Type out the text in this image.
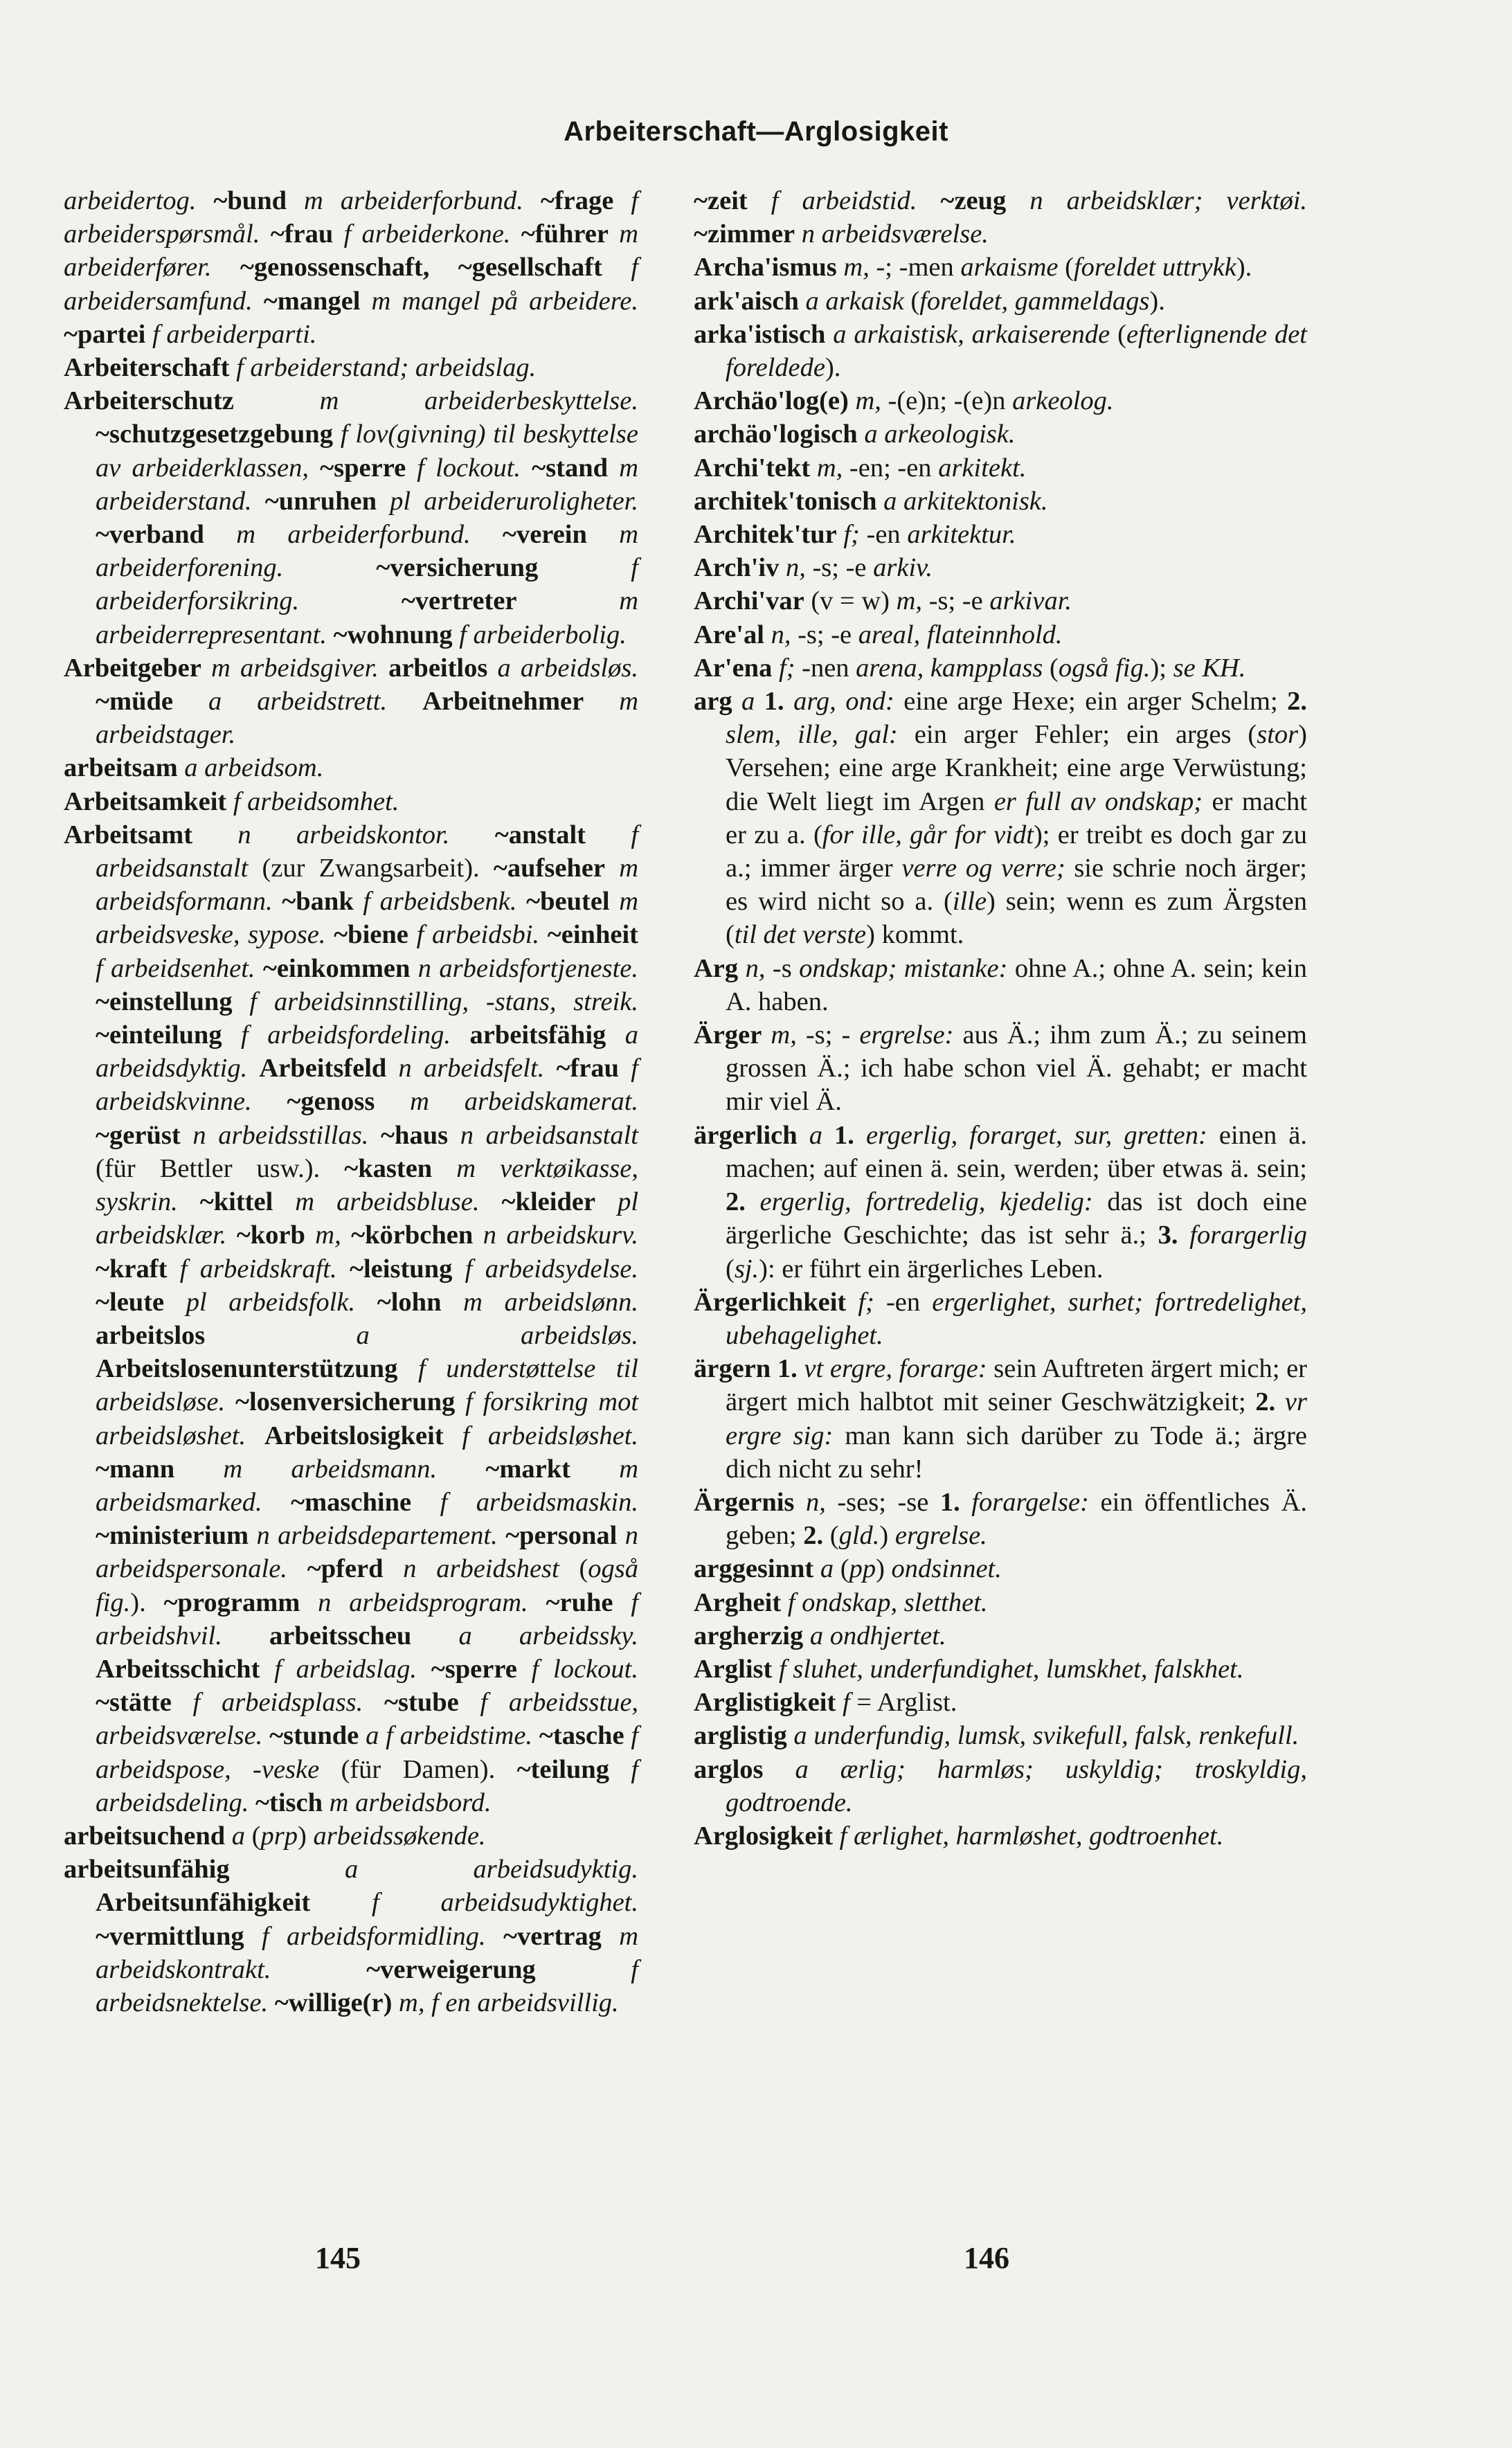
Arbeiterschaft—Arglosigkeit

arbeidertog. ~bund m arbeiderforbund. ~frage f arbeiderspørsmål. ~frau f arbeiderkone. ~führer m arbeiderfører. ~genossenschaft, ~gesellschaft f arbeidersamfund. ~mangel m mangel på arbeidere. ~partei f arbeiderparti.

Arbeiterschaft f arbeiderstand; arbeidslag.

Arbeiterschutz	m arbeiderbeskyttelse. ~schutzgesetzgebung f lov(givning) til beskyttelse av arbeiderklassen, ~sperre f lockout. ~stand m arbeiderstand. ~unruhen pl arbeideruroligheter. ~verband m arbeiderforbund. ~verein m arbeiderforening.	~versicherung	f arbeiderforsikring.	~vertreter	m arbeiderrepresentant. ~wohnung f arbeiderbolig.

Arbeitgeber m arbeidsgiver. arbeitlos a arbeidsløs. ~müde a arbeidstrett. Arbeitnehmer m arbeidstager.

arbeitsam a arbeidsom.

Arbeitsamkeit f arbeidsomhet.

Arbeitsamt n arbeidskontor. ~anstalt f arbeidsanstalt (zur Zwangsarbeit). ~aufseher m arbeidsformann. ~bank f arbeidsbenk. ~beutel m arbeidsveske, sypose. ~biene f arbeidsbi. ~einheit f arbeidsenhet. ~einkommen n arbeidsfortjeneste. ~einstellung f arbeidsinnstilling, -stans, streik. ~einteilung f arbeidsfordeling. arbeitsfähig a arbeidsdyktig. Arbeitsfeld n arbeidsfelt. ~frau f arbeidskvinne. ~genoss m arbeidskamerat. ~gerüst n arbeidsstillas. ~haus n arbeidsanstalt (für Bettler usw.). ~kasten m verktøikasse, syskrin. ~kittel m arbeidsbluse. ~kleider pl arbeidsklær. ~korb m, ~körbchen n arbeidskurv. ~kraft f arbeidskraft. ~leistung f arbeidsydelse. ~leute pl arbeidsfolk. ~lohn m arbeidslønn. arbeitslos	a arbeidsløs. Arbeitslosenunterstützung f understøttelse til arbeidsløse. ~losenversicherung f forsikring mot arbeidsløshet. Arbeitslosigkeit f arbeidsløshet. ~mann m arbeidsmann. ~markt m arbeidsmarked. ~maschine f arbeidsmaskin. ~ministerium n arbeidsdepartement. ~personal n arbeidspersonale. ~pferd n arbeidshest (også fig.). ~programm n arbeidsprogram. ~ruhe f arbeidshvil. arbeitsscheu a arbeidssky. Arbeitsschicht f arbeidslag. ~sperre f lockout. ~stätte f arbeidsplass. ~stube f arbeidsstue, arbeidsværelse. ~stunde a f arbeidstime. ~tasche f arbeidspose, -veske (für Damen). ~teilung f arbeidsdeling. ~tisch m arbeidsbord.

arbeitsuchend a (prp) arbeidssøkende.

arbeitsunfähig	a arbeidsudyktig. Arbeitsunfähigkeit f arbeidsudyktighet. ~vermittlung f arbeidsformidling. ~vertrag m arbeidskontrakt.	~verweigerung	f arbeidsnektelse. ~willige(r) m, f en arbeidsvillig.

~zeit f arbeidstid. ~zeug n arbeidsklær; verktøi. ~zimmer n arbeidsværelse.

Archa'ismus m, -; -men arkaisme (foreldet uttrykk).

ark'aisch a arkaisk (foreldet, gammeldags).

arka'istisch a arkaistisk, arkaiserende (efterlignende det foreldede).

Archäo'log(e) m, -(e)n; -(e)n arkeolog.

archäo'logisch a arkeologisk.

Archi'tekt m, -en; -en arkitekt.

architek'tonisch a arkitektonisk.

Architek'tur f; -en arkitektur.

Arch'iv n, -s; -e arkiv.

Archi'var (v = w) m, -s; -e arkivar.

Are'al n, -s; -e areal, flateinnhold.

Ar'ena f; -nen arena, kampplass (også fig.); se KH.

arg a 1. arg, ond: eine arge Hexe; ein arger Schelm; 2. slem, ille, gal: ein arger Fehler; ein arges (stor) Versehen; eine arge Krankheit; eine arge Verwüstung; die Welt liegt im Argen er full av ondskap; er macht er zu a. (for ille, går for vidt); er treibt es doch gar zu a.; immer ärger verre og verre; sie schrie noch ärger; es wird nicht so a. (ille) sein; wenn es zum Ärgsten (til det verste) kommt.

Arg n, -s ondskap; mistanke: ohne A.; ohne A. sein; kein A. haben.

Ärger m, -s; - ergrelse: aus Ä.; ihm zum Ä.; zu seinem grossen Ä.; ich habe schon viel Ä. gehabt; er macht mir viel Ä.

ärgerlich a 1. ergerlig, forarget, sur, gretten: einen ä. machen; auf einen ä. sein, werden; über etwas ä. sein; 2. ergerlig, fortredelig, kjedelig: das ist doch eine ärgerliche Geschichte; das ist sehr ä.; 3. forargerlig (sj.): er führt ein ärgerliches Leben.

Ärgerlichkeit f; -en ergerlighet, surhet; fortredelighet, ubehagelighet.

ärgern 1. vt ergre, forarge: sein Auftreten ärgert mich; er ärgert mich halbtot mit seiner Geschwätzigkeit; 2. vr ergre sig: man kann sich darüber zu Tode ä.; ärgre dich nicht zu sehr!

Ärgernis n, -ses; -se 1. forargelse: ein öffentliches Ä. geben; 2. (gld.) ergrelse.

arggesinnt a (pp) ondsinnet.

Argheit f ondskap, sletthet.

argherzig a ondhjertet.

Arglist f sluhet, underfundighet, lumskhet, falskhet.

Arglistigkeit f = Arglist.

arglistig a underfundig, lumsk, svikefull, falsk, renkefull.

arglos a ærlig; harmløs; uskyldig; troskyldig, godtroende.

Arglosigkeit f ærlighet, harmløshet, godtroenhet.

145	146
